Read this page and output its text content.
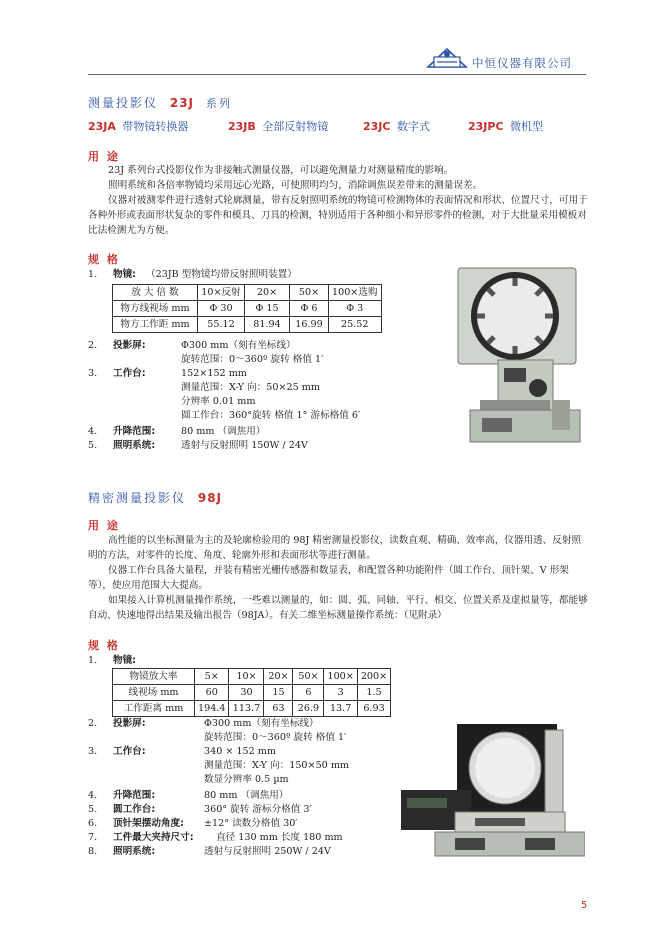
中恒仪器有限公司
测量投影仪 23J 系列
23JA 带物镜转换器	23JB 全部反射物镜	23JC 数字式	23JPC 微机型
用 途

23J 系列台式投影仪作为非接触式测量仪器，可以避免测量力对测量精度的影响。

照明系统和各倍率物镜均采用远心光路，可使照明均匀，消除调焦误差带来的测量误差。

仪器对被测零件进行透射式轮廓测量，带有反射照明系统的物镜可检测物体的表面情况和形状、位置尺寸，可用于各种外形或表面形状复杂的零件和模具、刀具的检测，特别适用于各种细小和异形零件的检测，对于大批量采用模板对比法检测尤为方便。

规 格
1. 物镜: （23JB 型物镜均带反射照明装置）
放 大 倍 数	10×反射	20×	50×	100×选购
物方线视场 mm	Φ 30	Φ 15	Φ 6	Φ 3
物方工作距 mm	55.12	81.94	16.99	25.52
2. 投影屏:	Φ300 mm（刻有坐标线）
旋转范围：0～360º 旋转 格值 1′
3. 工作台:	152×152 mm
测量范围：X-Y 向：50×25 mm
分辨率 0.01 mm
圆工作台：360°旋转 格值 1° 游标格值 6′
4. 升降范围:	80 mm （调焦用）
5. 照明系统:	透射与反射照明 150W / 24V
精密测量投影仪 98J
用 途

高性能的以坐标测量为主的及轮廓检验用的 98J 精密测量投影仪，读数直观、精确、效率高，仪器用透、反射照明的方法，对零件的长度、角度、轮廓外形和表面形状等进行测量。

仪器工作台具备大量程，并装有精密光栅传感器和数显表，和配置各种功能附件（圆工作台、顶针架、V 形架等），使应用范围大大提高。

如果接入计算机测量操作系统，一些难以测量的，如：圆、弧、同轴、平行、相交、位置关系及虚拟量等，都能够自动、快速地得出结果及输出报告（98JA）。有关二维坐标测量操作系统：（见附录）

规 格
1. 物镜:
物镜放大率	5×	10×	20×	50×	100×	200×
线视场 mm	60	30	15	6	3	1.5
工作距离 mm	194.4	113.7	63	26.9	13.7	6.93
2. 投影屏:	Φ300 mm（刻有坐标线）
旋转范围：0～360º 旋转 格值 1′
3. 工作台:	340 × 152 mm
测量范围：X-Y 向：150×50 mm
数显分辨率 0.5 µm
4. 升降范围:	80 mm （调焦用）
5. 圆工作台:	360° 旋转 游标分格值 3′
6. 顶针架摆动角度: ±12° 读数分格值 30′
7. 工件最大夹持尺寸: 直径 130 mm 长度 180 mm
8. 照明系统:	透射与反射照明 250W / 24V
5
